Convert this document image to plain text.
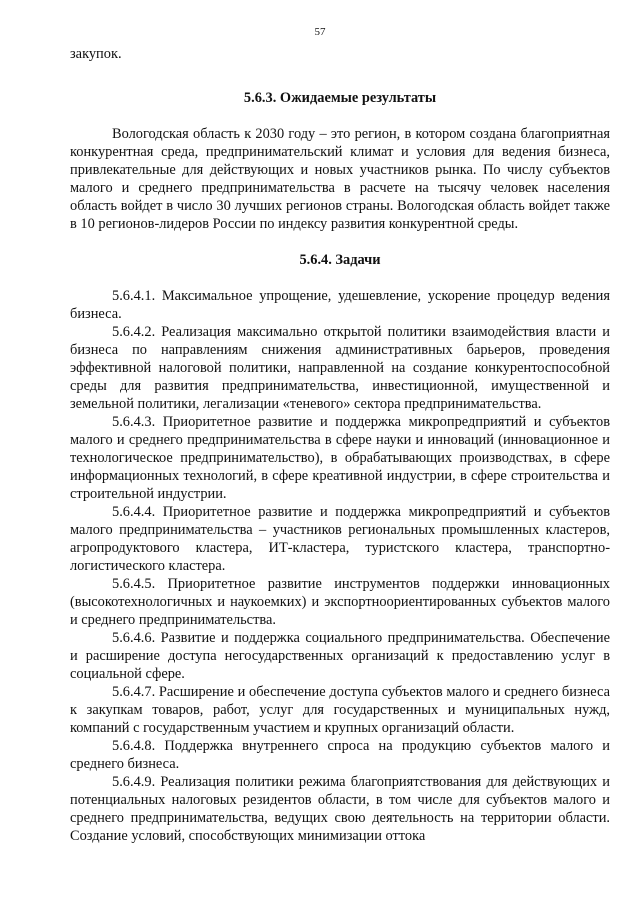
57

закупок.

5.6.3. Ожидаемые результаты

Вологодская область к 2030 году – это регион, в котором создана благоприятная конкурентная среда, предпринимательский климат и условия для ведения бизнеса, привлекательные для действующих и новых участников рынка. По числу субъектов малого и среднего предпринимательства в расчете на тысячу человек населения область войдет в число 30 лучших регионов страны. Вологодская область войдет также в 10 регионов-лидеров России по индексу развития конкурентной среды.

5.6.4. Задачи

5.6.4.1. Максимальное упрощение, удешевление, ускорение процедур ведения бизнеса.

5.6.4.2. Реализация максимально открытой политики взаимодействия власти и бизнеса по направлениям снижения административных барьеров, проведения эффективной налоговой политики, направленной на создание конкурентоспособной среды для развития предпринимательства, инвестиционной, имущественной и земельной политики, легализации «теневого» сектора предпринимательства.

5.6.4.3. Приоритетное развитие и поддержка микропредприятий и субъектов малого и среднего предпринимательства в сфере науки и инноваций (инновационное и технологическое предпринимательство), в обрабатывающих производствах, в сфере информационных технологий, в сфере креативной индустрии, в сфере строительства и строительной индустрии.

5.6.4.4. Приоритетное развитие и поддержка микропредприятий и субъектов малого предпринимательства – участников региональных промышленных кластеров, агропродуктового кластера, ИТ-кластера, туристского кластера, транспортно-логистического кластера.

5.6.4.5. Приоритетное развитие инструментов поддержки инновационных (высокотехнологичных и наукоемких) и экспортноориентированных субъектов малого и среднего предпринимательства.

5.6.4.6. Развитие и поддержка социального предпринимательства. Обеспечение и расширение доступа негосударственных организаций к предоставлению услуг в социальной сфере.

5.6.4.7. Расширение и обеспечение доступа субъектов малого и среднего бизнеса к закупкам товаров, работ, услуг для государственных и муниципальных нужд, компаний с государственным участием и крупных организаций области.

5.6.4.8. Поддержка внутреннего спроса на продукцию субъектов малого и среднего бизнеса.

5.6.4.9. Реализация политики режима благоприятствования для действующих и потенциальных налоговых резидентов области, в том числе для субъектов малого и среднего предпринимательства, ведущих свою деятельность на территории области. Создание условий, способствующих минимизации оттока
